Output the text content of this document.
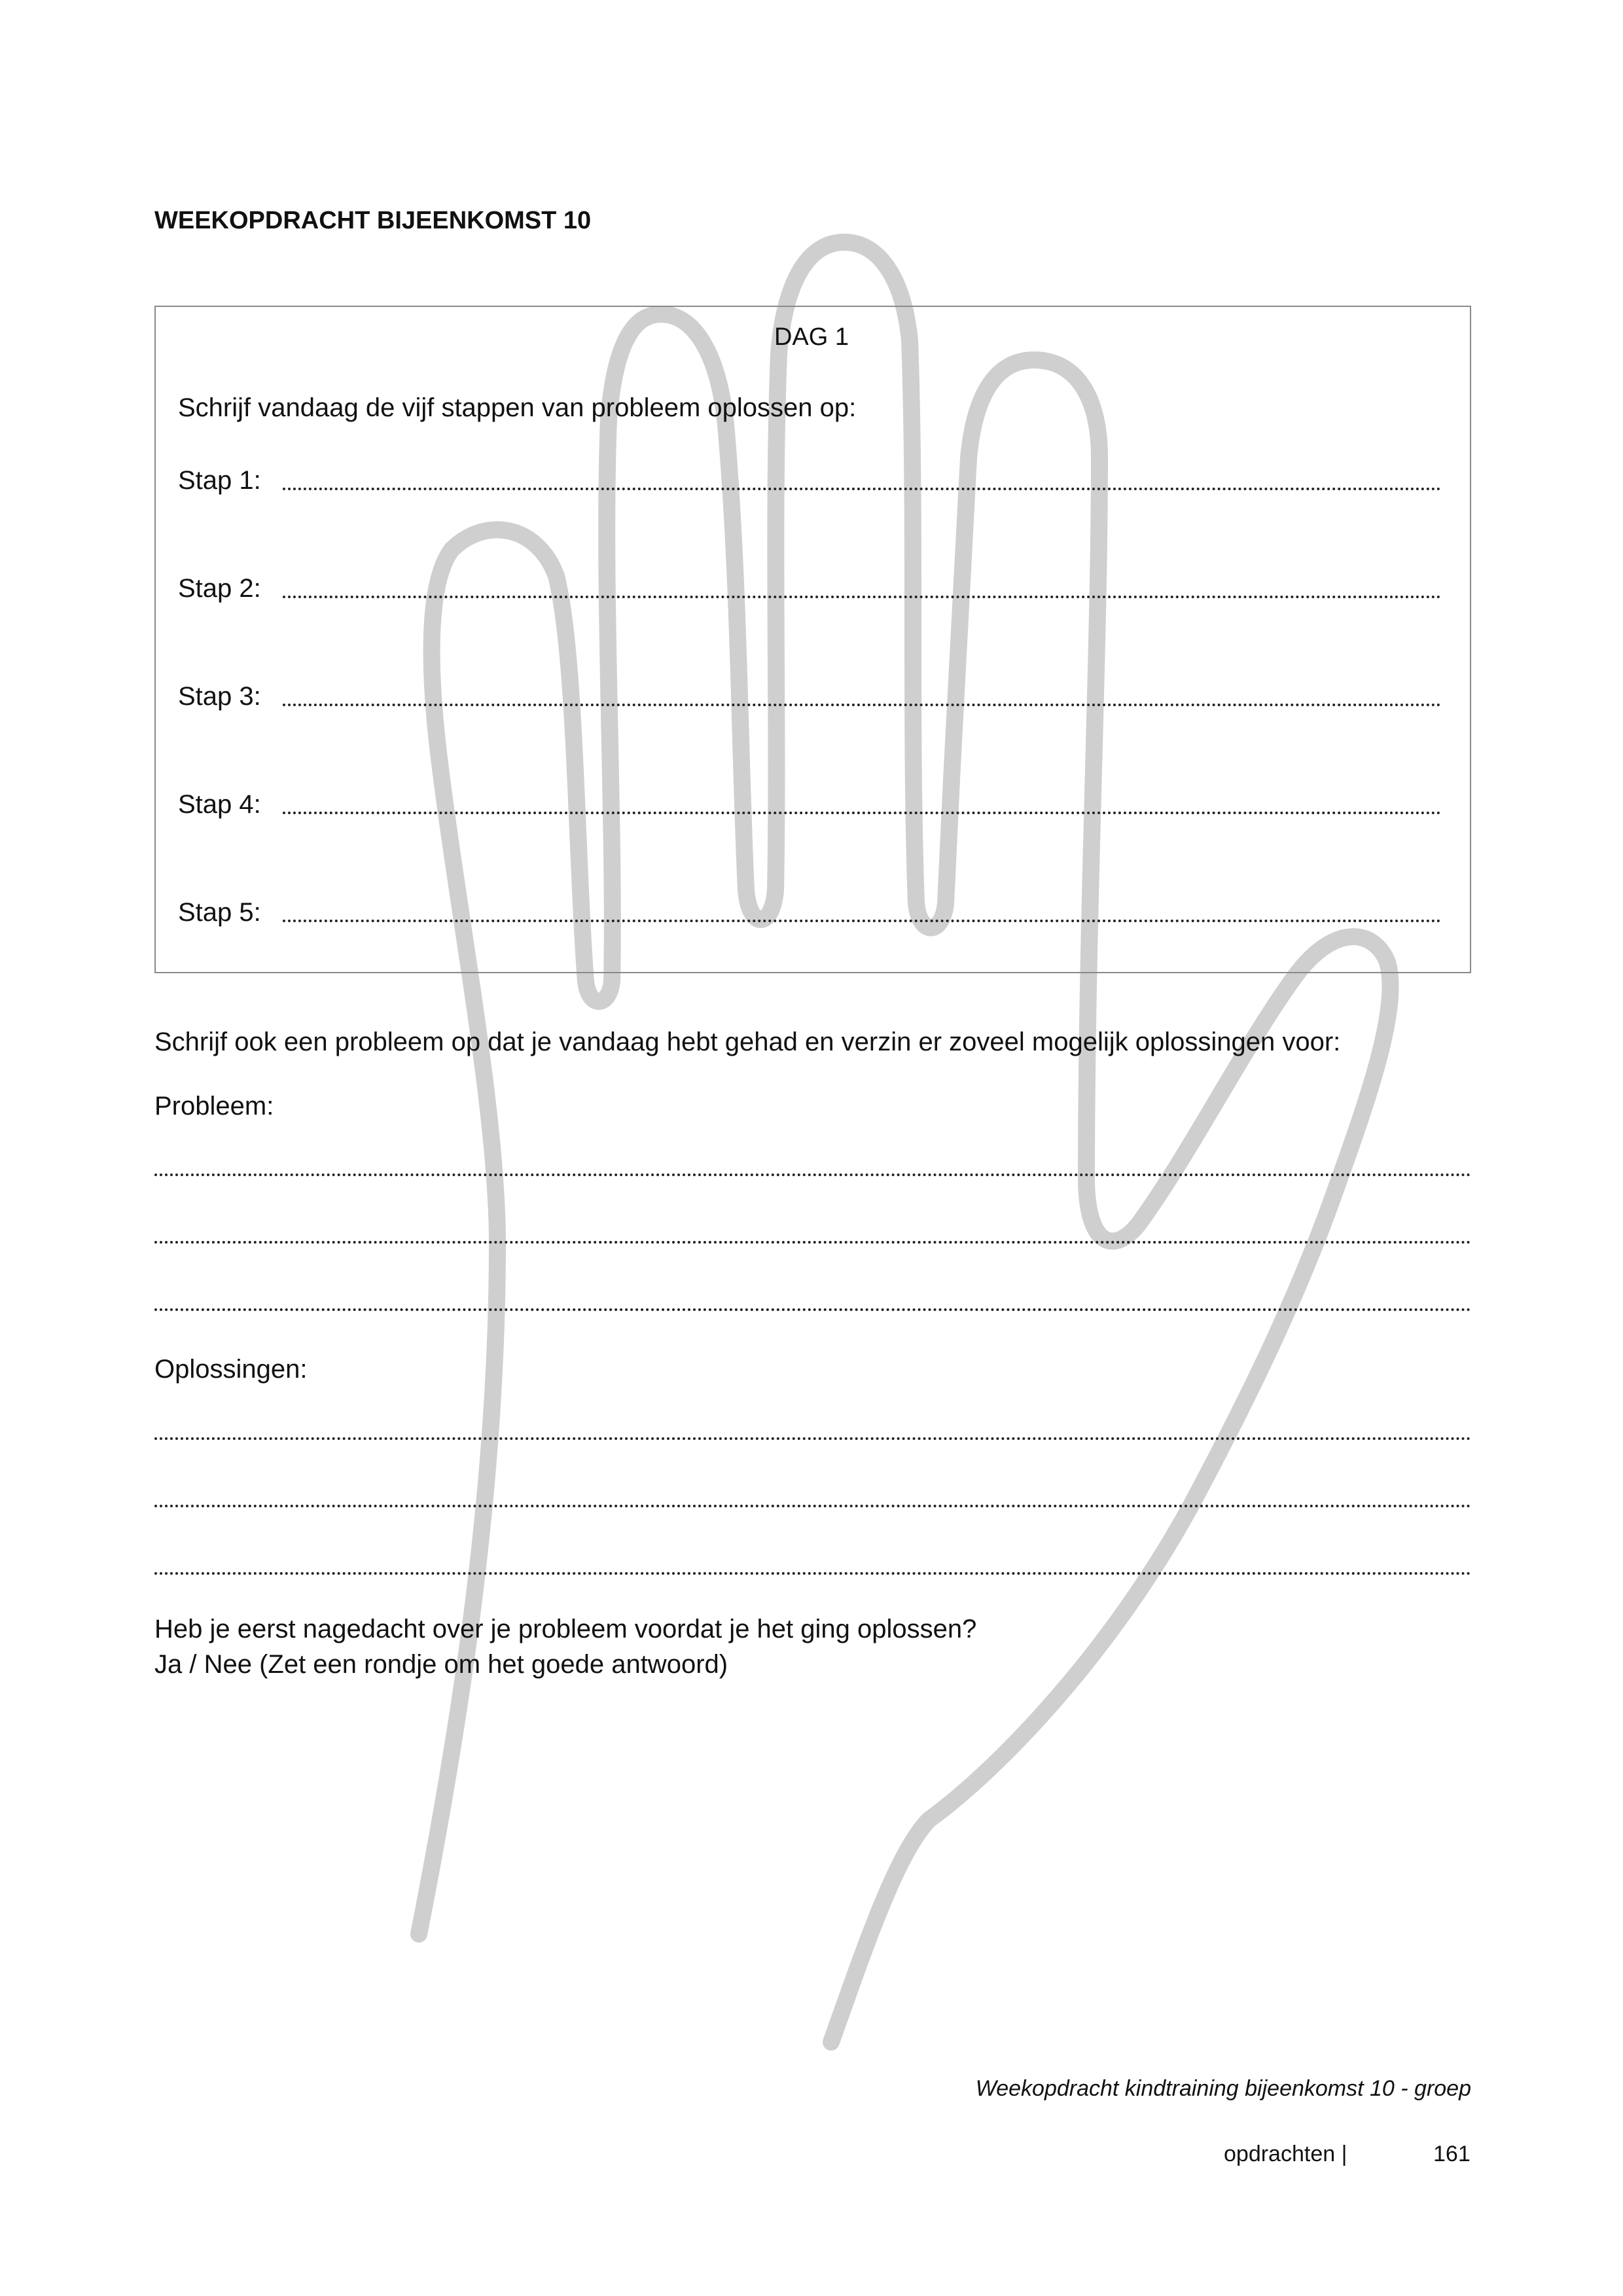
WEEKOPDRACHT BIJEENKOMST 10
DAG 1
Schrijf vandaag de vijf stappen van probleem oplossen op:
Stap 1:
Stap 2:
Stap 3:
Stap 4:
Stap 5:
Schrijf ook een probleem op dat je vandaag hebt gehad en verzin er zoveel mogelijk oplossingen voor:
Probleem:
Oplossingen:
Heb je eerst nagedacht over je probleem voordat je het ging oplossen?
Ja / Nee (Zet een rondje om het goede antwoord)
Weekopdracht kindtraining bijeenkomst 10 - groep
opdrachten |	161
